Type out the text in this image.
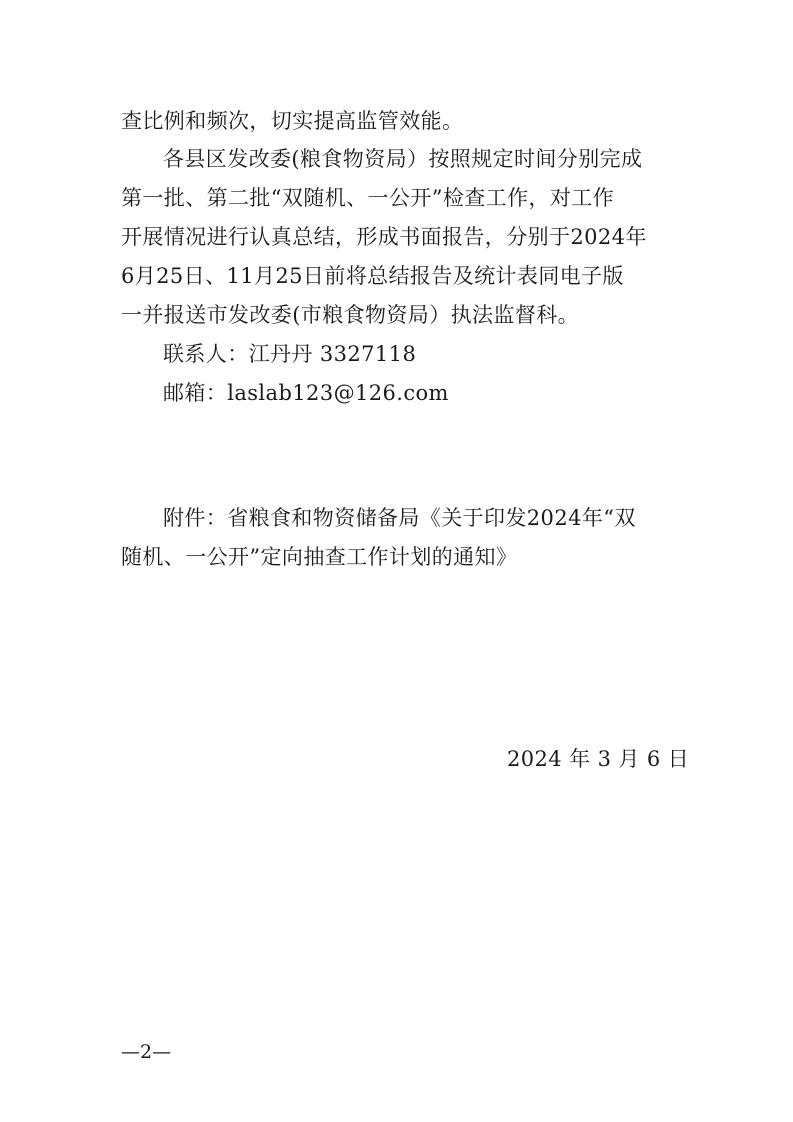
查比例和频次，切实提高监管效能。
各县区发改委(粮食物资局）按照规定时间分别完成
第一批、第二批“双随机、一公开”检查工作，对工作
开展情况进行认真总结，形成书面报告，分别于2024年
6月25日、11月25日前将总结报告及统计表同电子版
一并报送市发改委(市粮食物资局）执法监督科。
联系人：江丹丹 3327118
邮箱：laslab123@126.com
附件：省粮食和物资储备局《关于印发2024年“双
随机、一公开”定向抽查工作计划的通知》
2024 年 3 月 6 日
—2—
